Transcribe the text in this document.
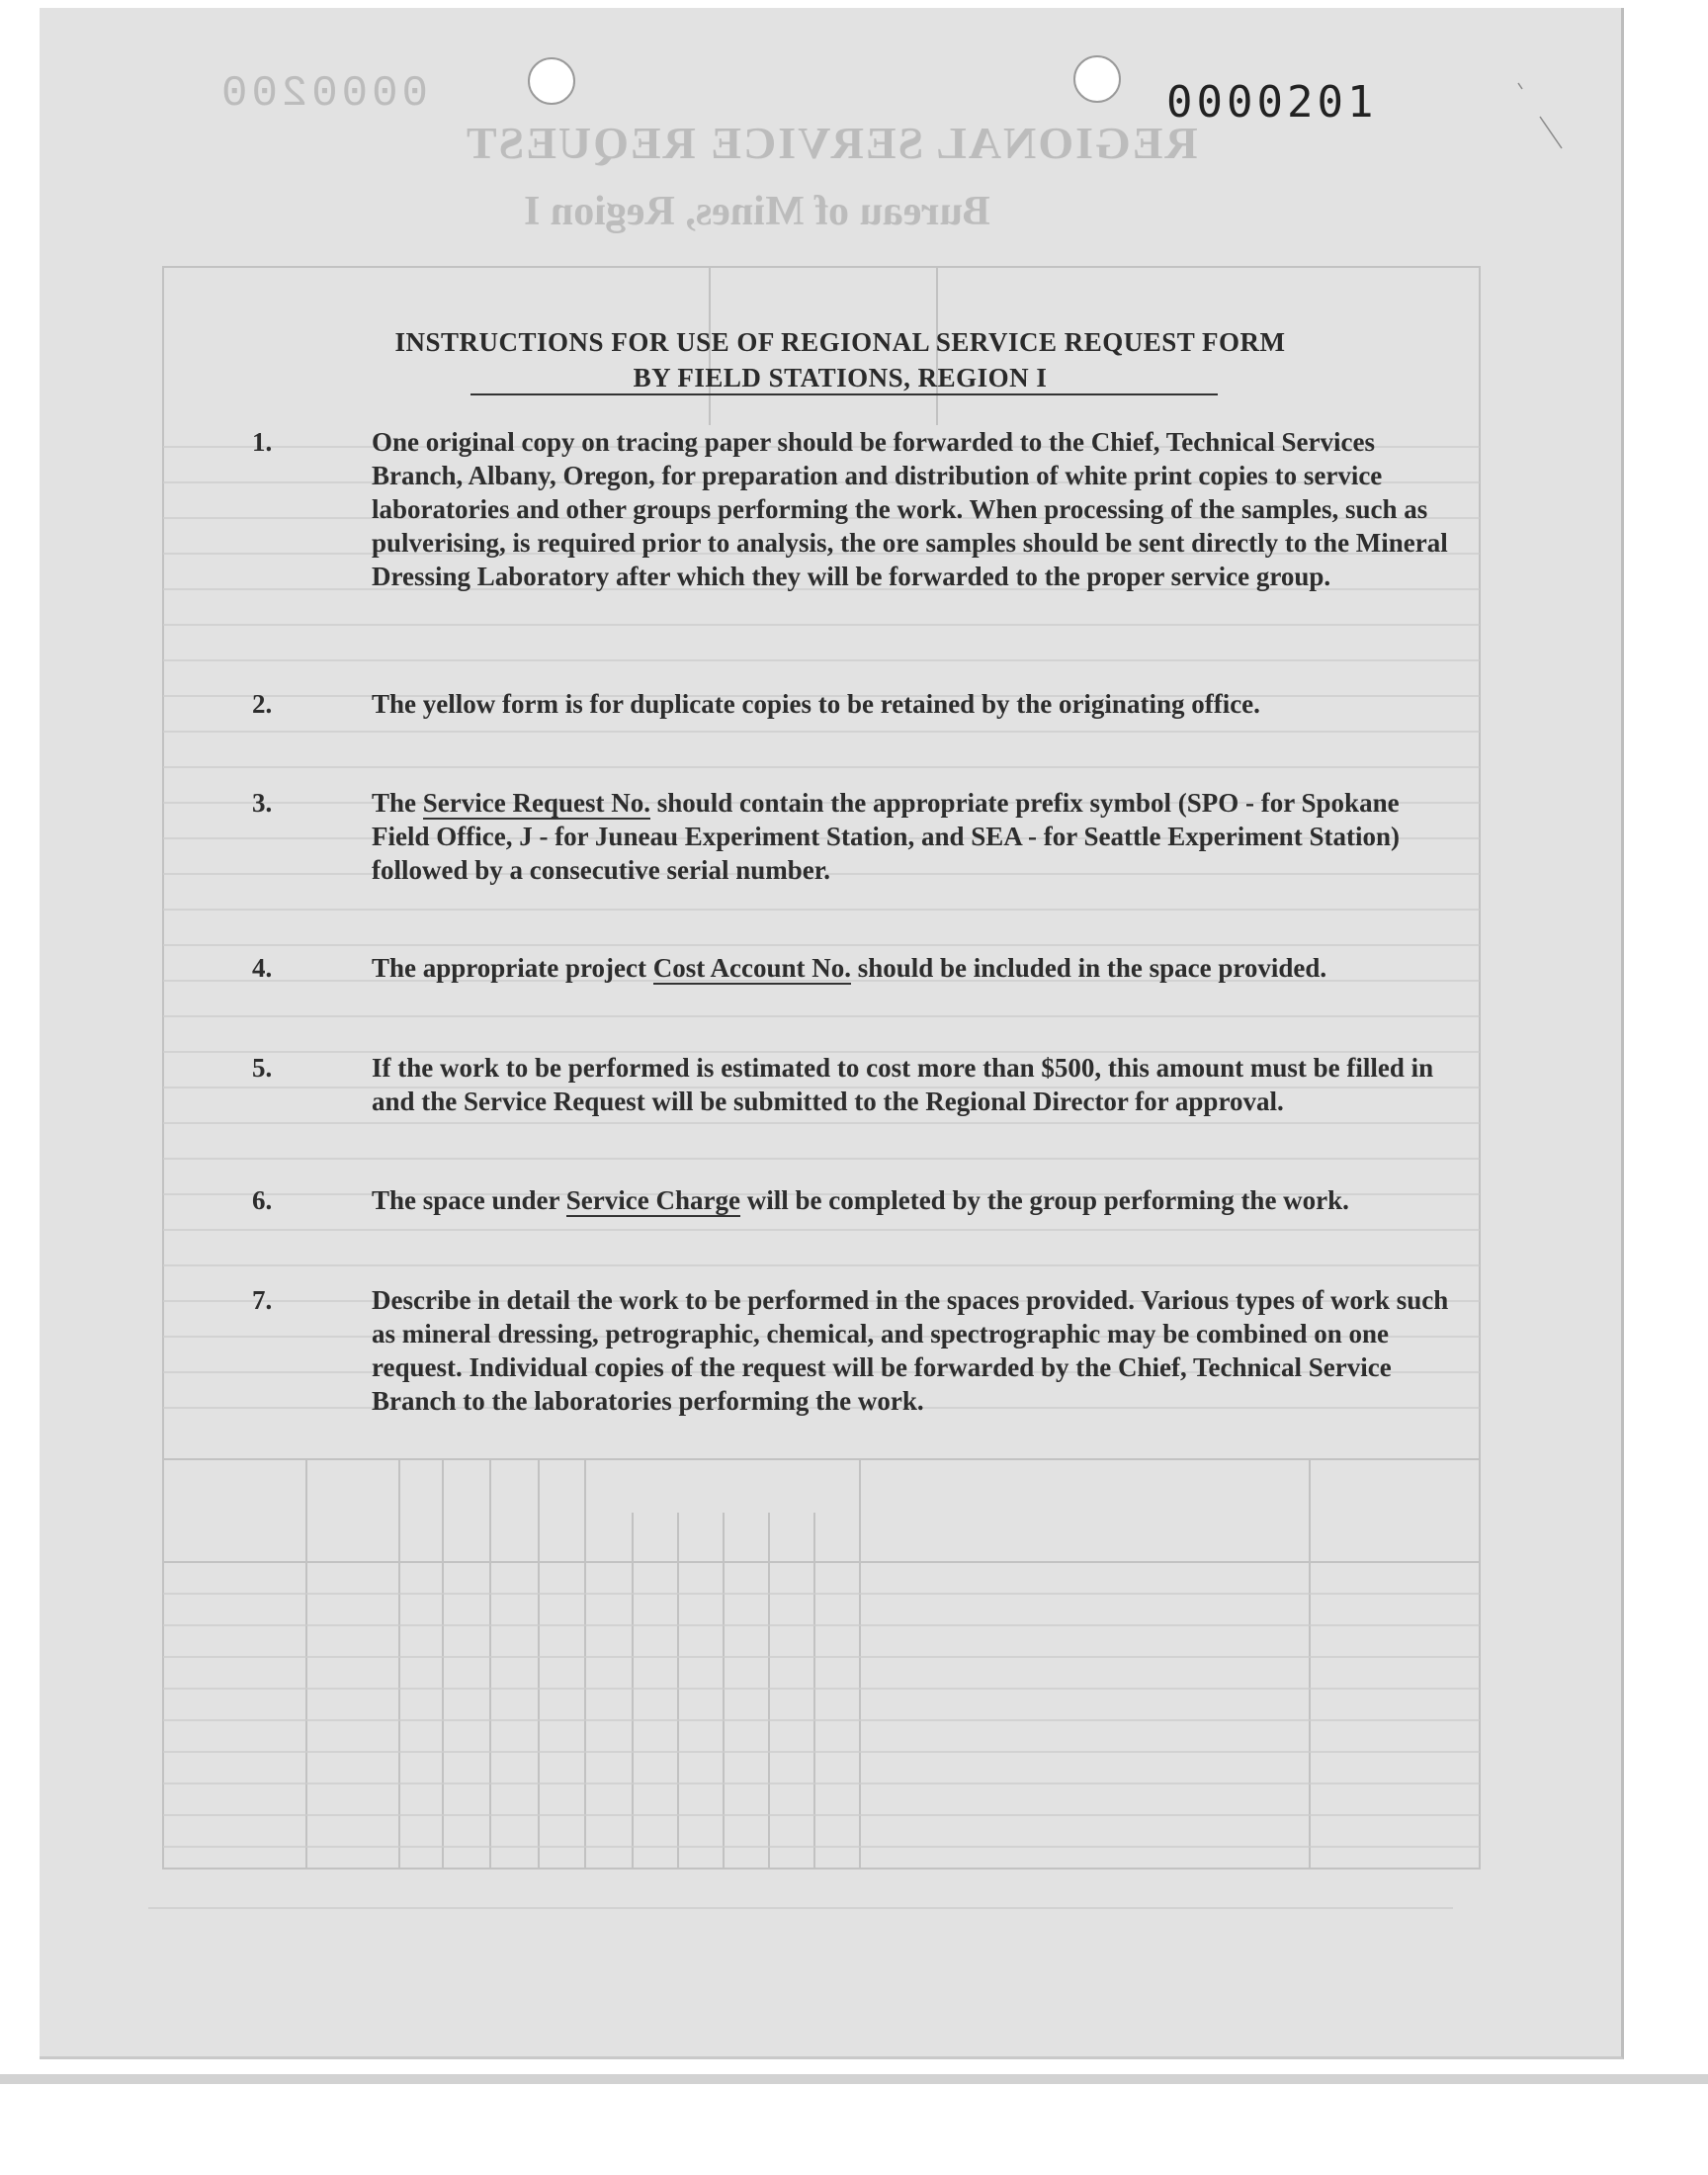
0000200
REGIONAL SERVICE REQUEST
Bureau of Mines, Region I
0000201
INSTRUCTIONS FOR USE OF REGIONAL SERVICE REQUEST FORM
BY FIELD STATIONS, REGION I
1.	One original copy on tracing paper should be forwarded to the Chief, Technical Services Branch, Albany, Oregon, for preparation and distribution of white print copies to service laboratories and other groups performing the work. When processing of the samples, such as pulverising, is required prior to analysis, the ore samples should be sent directly to the Mineral Dressing Laboratory after which they will be forwarded to the proper service group.
2.	The yellow form is for duplicate copies to be retained by the originating office.
3.	The Service Request No. should contain the appropriate prefix symbol (SPO - for Spokane Field Office, J - for Juneau Experiment Station, and SEA - for Seattle Experiment Station) followed by a consecutive serial number.
4.	The appropriate project Cost Account No. should be included in the space provided.
5.	If the work to be performed is estimated to cost more than $500, this amount must be filled in and the Service Request will be submitted to the Regional Director for approval.
6.	The space under Service Charge will be completed by the group performing the work.
7.	Describe in detail the work to be performed in the spaces provided. Various types of work such as mineral dressing, petrographic, chemical, and spectrographic may be combined on one request. Individual copies of the request will be forwarded by the Chief, Technical Service Branch to the laboratories performing the work.
